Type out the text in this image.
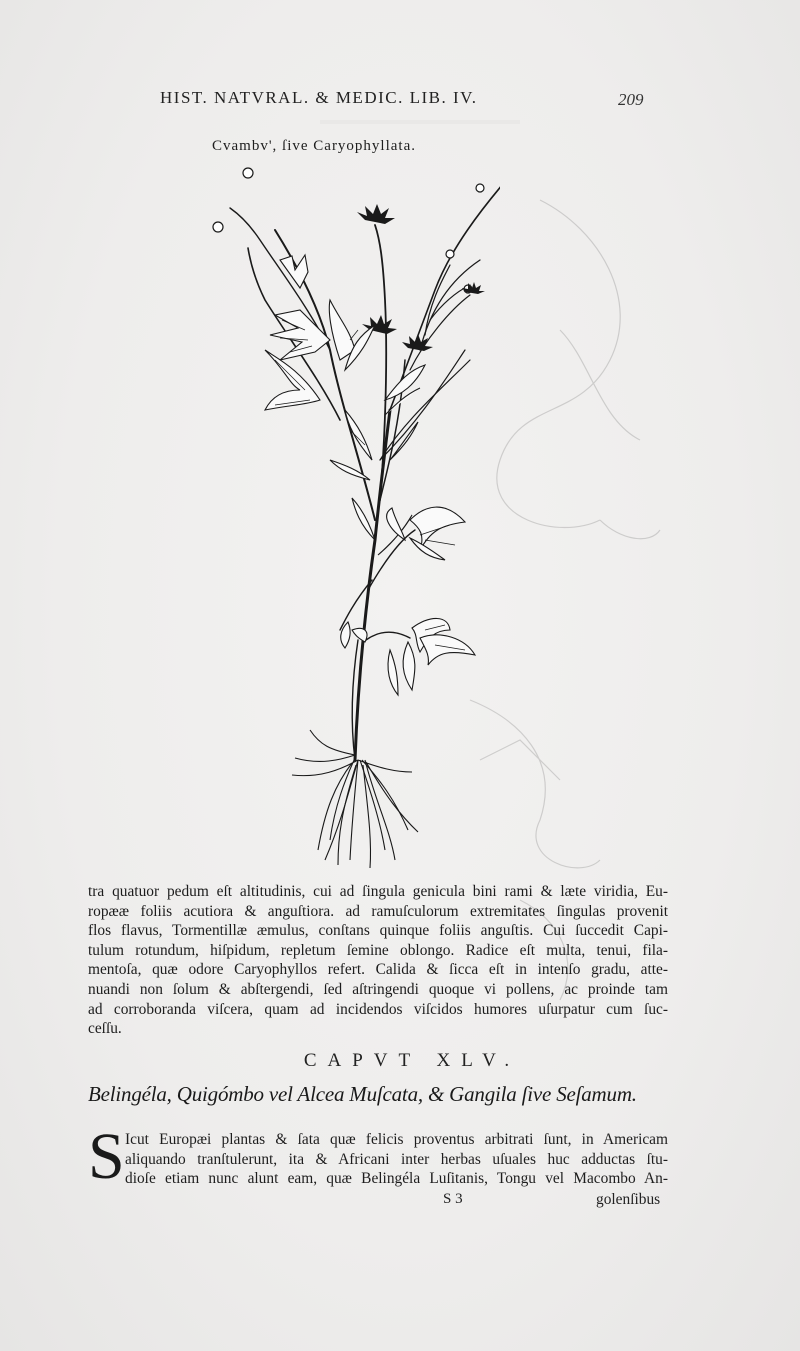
HIST. NATVRAL. & MEDIC. LIB. IV.	209
Cvambv', ſive Caryophyllata.
tra quatuor pedum eſt altitudinis, cui ad ſingula genicula bini rami & læte viridia, Eu-
ropææ foliis acutiora & anguſtiora. ad ramuſculorum extremitates ſingulas provenit
flos flavus, Tormentillæ æmulus, conſtans quinque foliis anguſtis. Cui ſuccedit Capi-
tulum rotundum, hiſpidum, repletum ſemine oblongo. Radice eſt multa, tenui, fila-
mentoſa, quæ odore Caryophyllos refert. Calida & ſicca eſt in intenſo gradu, atte-
nuandi non ſolum & abſtergendi, ſed aſtringendi quoque vi pollens, ac proinde tam
ad corroboranda viſcera, quam ad incidendos viſcidos humores uſurpatur cum ſuc-
ceſſu.
CAPVT XLV.
Belingéla, Quigómbo vel Alcea Muſcata, & Gangila ſive Seſamum.
S Icut Europæi plantas & ſata quæ felicis proventus arbitrati ſunt, in Americam
aliquando tranſtulerunt, ita & Africani inter herbas uſuales huc adductas ſtu-
dioſe etiam nunc alunt eam, quæ Belingéla Luſitanis, Tongu vel Macombo An-
S 3	golenſibus
